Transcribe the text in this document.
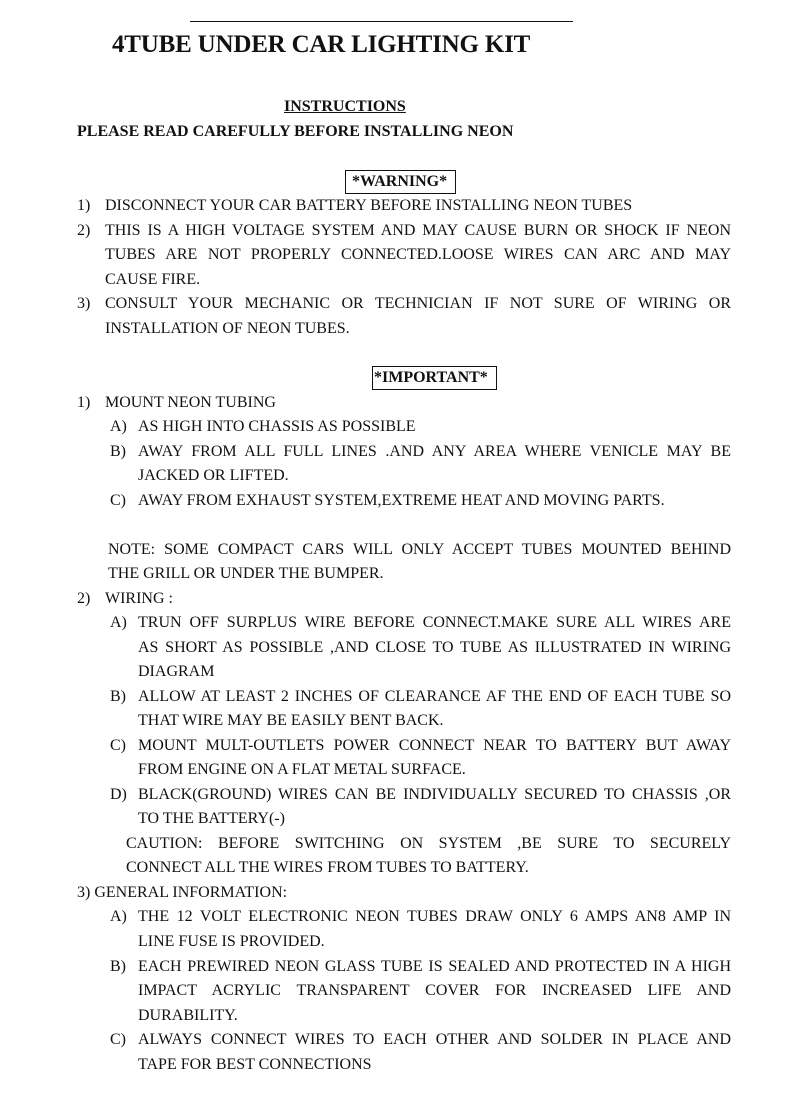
4TUBE UNDER CAR LIGHTING KIT
INSTRUCTIONS
PLEASE READ CAREFULLY BEFORE INSTALLING NEON
*WARNING*
1) DISCONNECT YOUR CAR BATTERY BEFORE INSTALLING NEON TUBES
2) THIS IS A HIGH VOLTAGE SYSTEM AND MAY CAUSE BURN OR SHOCK IF NEON
TUBES ARE NOT PROPERLY CONNECTED.LOOSE WIRES CAN ARC AND MAY
CAUSE FIRE.
3) CONSULT YOUR MECHANIC OR TECHNICIAN IF NOT SURE OF WIRING OR
INSTALLATION OF NEON TUBES.
*IMPORTANT*
1) MOUNT NEON TUBING
A) AS HIGH INTO CHASSIS AS POSSIBLE
B) AWAY FROM ALL FULL LINES .AND ANY AREA WHERE VENICLE MAY BE
JACKED OR LIFTED.
C) AWAY FROM EXHAUST SYSTEM,EXTREME HEAT AND MOVING PARTS.
NOTE: SOME COMPACT CARS WILL ONLY ACCEPT TUBES MOUNTED BEHIND
THE GRILL OR UNDER THE BUMPER.
2) WIRING :
A) TRUN OFF SURPLUS WIRE BEFORE CONNECT.MAKE SURE ALL WIRES ARE
AS SHORT AS POSSIBLE ,AND CLOSE TO TUBE AS ILLUSTRATED IN WIRING
DIAGRAM
B) ALLOW AT LEAST 2 INCHES OF CLEARANCE AF THE END OF EACH TUBE SO
THAT WIRE MAY BE EASILY BENT BACK.
C) MOUNT MULT-OUTLETS POWER CONNECT NEAR TO BATTERY BUT AWAY
FROM ENGINE ON A FLAT METAL SURFACE.
D) BLACK(GROUND) WIRES CAN BE INDIVIDUALLY SECURED TO CHASSIS ,OR
TO THE BATTERY(-)
CAUTION: BEFORE SWITCHING ON SYSTEM ,BE SURE TO SECURELY
CONNECT ALL THE WIRES FROM TUBES TO BATTERY.
3) GENERAL INFORMATION:
A) THE 12 VOLT ELECTRONIC NEON TUBES DRAW ONLY 6 AMPS AN8 AMP IN
LINE FUSE IS PROVIDED.
B) EACH PREWIRED NEON GLASS TUBE IS SEALED AND PROTECTED IN A HIGH
IMPACT ACRYLIC TRANSPARENT COVER FOR INCREASED LIFE AND
DURABILITY.
C) ALWAYS CONNECT WIRES TO EACH OTHER AND SOLDER IN PLACE AND
TAPE FOR BEST CONNECTIONS
